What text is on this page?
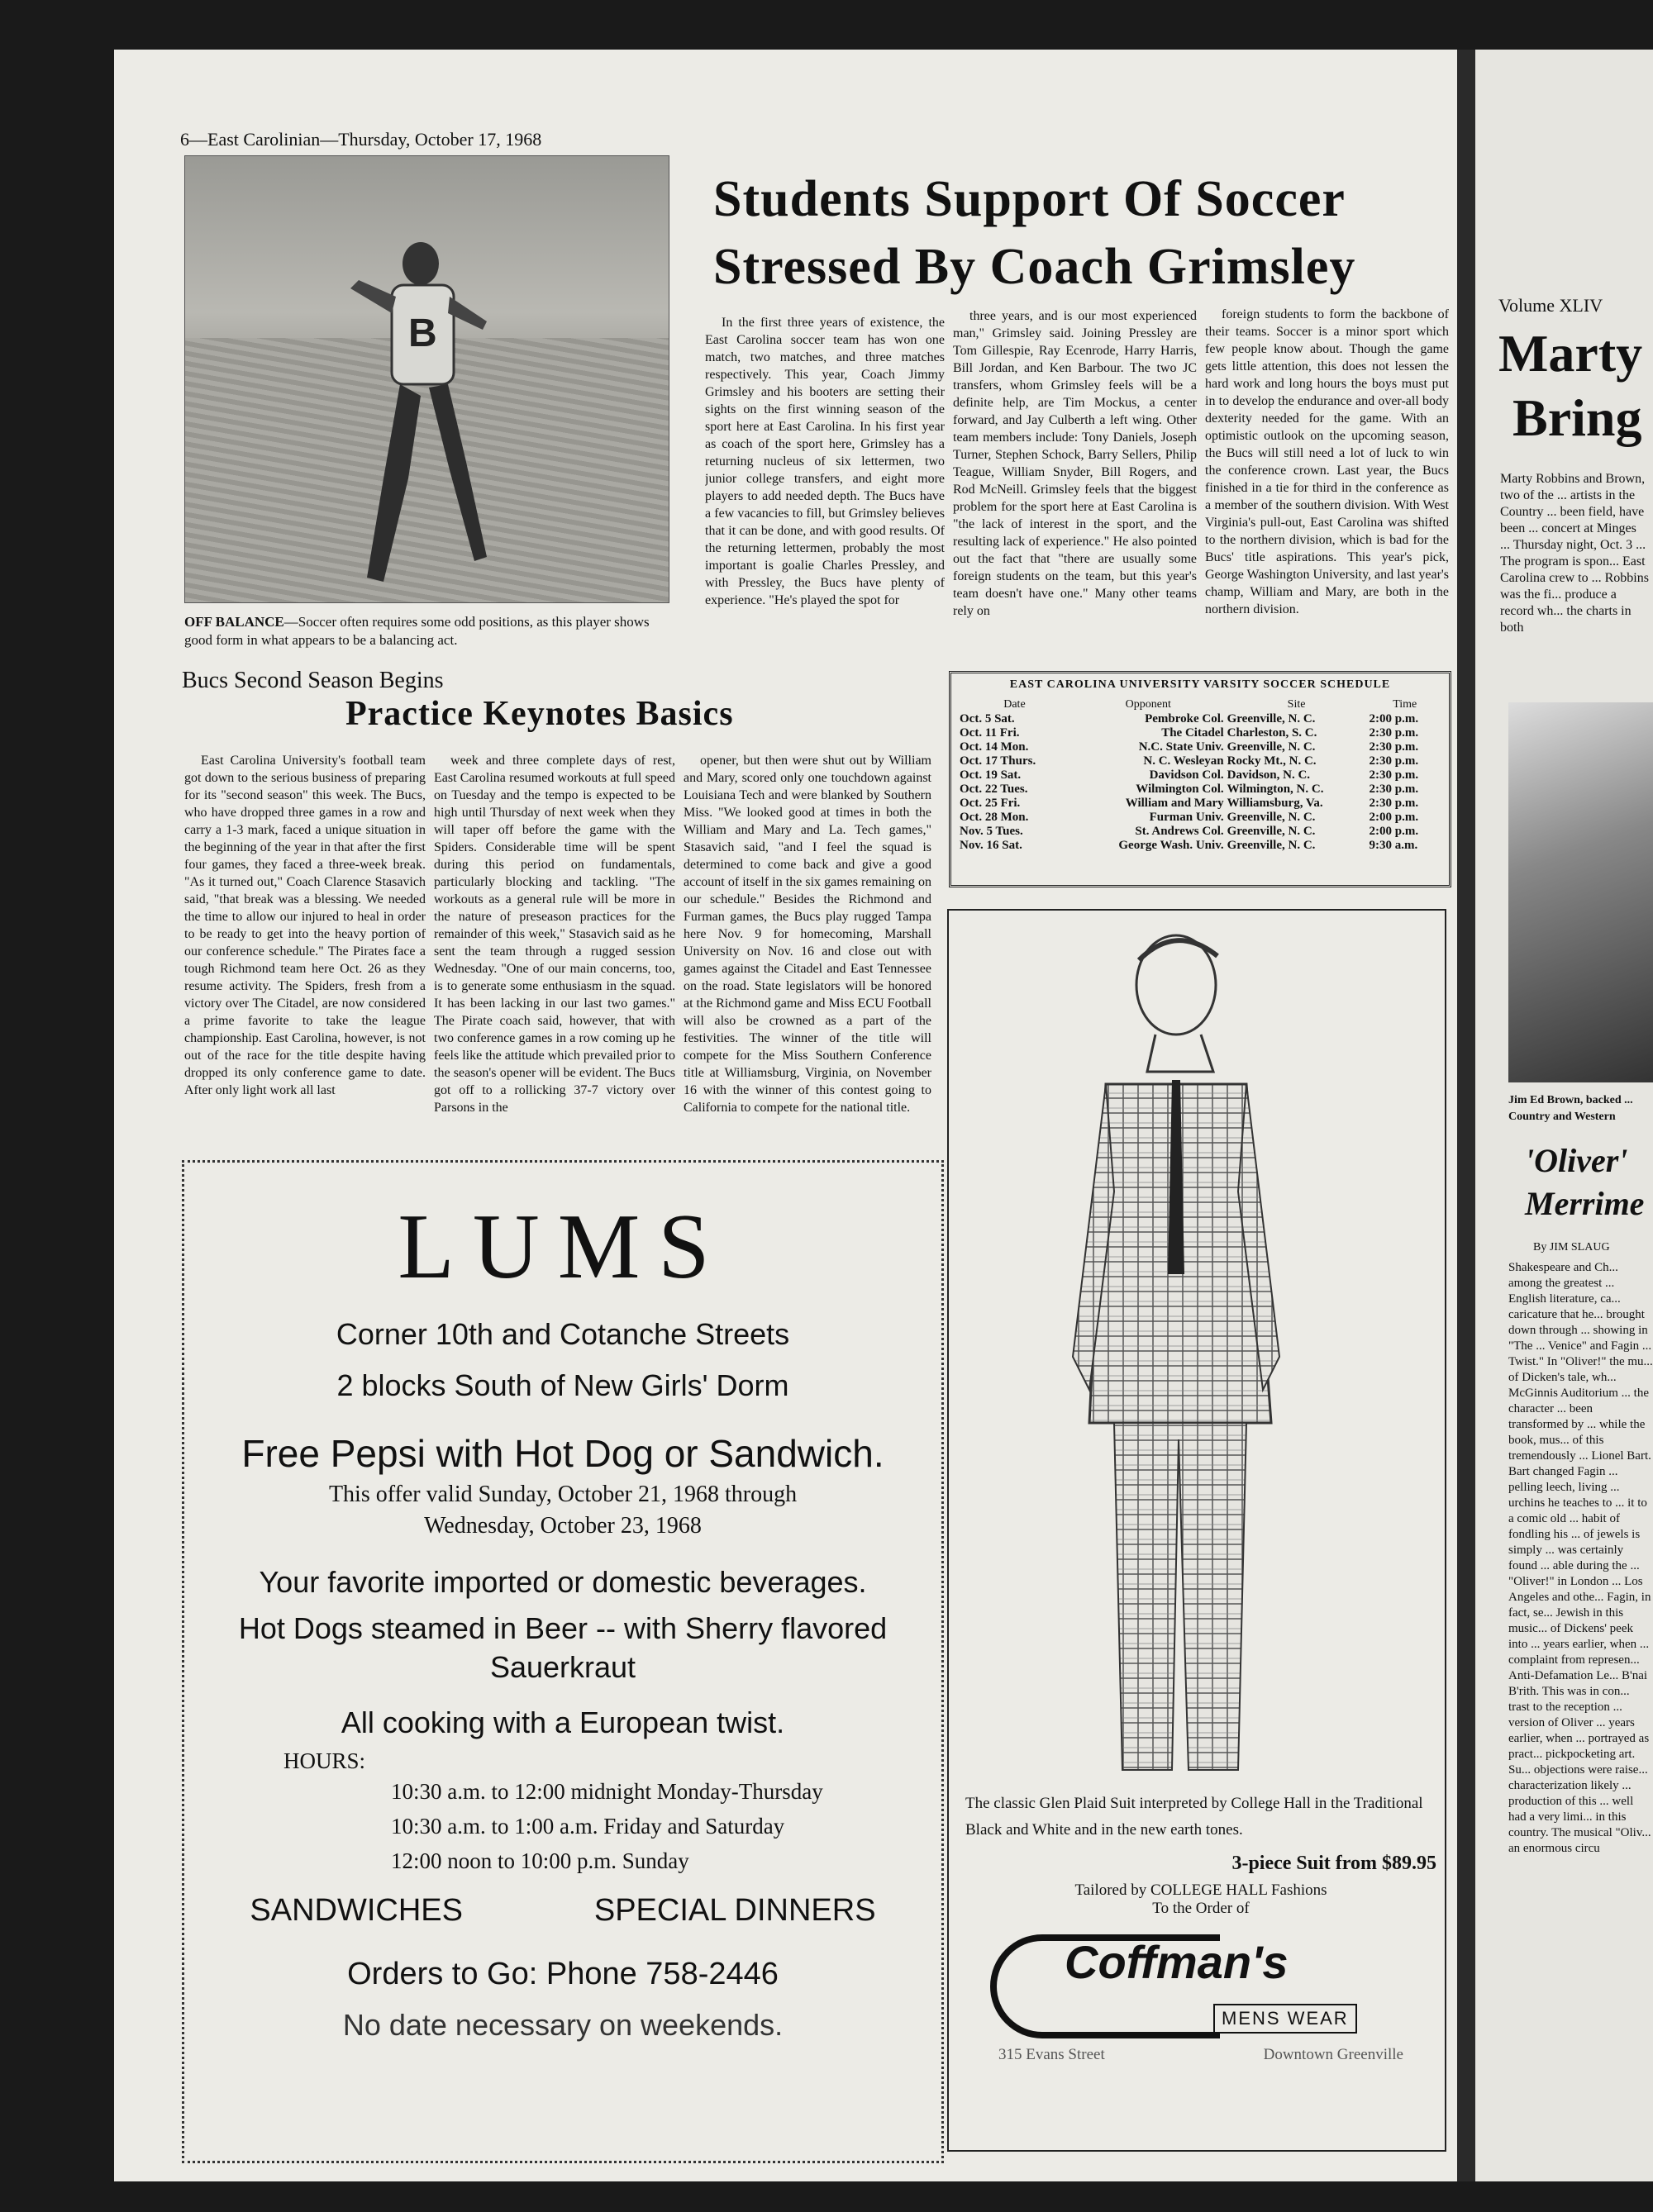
6—East Carolinian—Thursday, October 17, 1968
B
OFF BALANCE—Soccer often requires some odd positions, as this player shows good form in what appears to be a balancing act.
Students Support Of Soccer
Stressed By Coach Grimsley

In the first three years of existence, the East Carolina soccer team has won one match, two matches, and three matches respectively. This year, Coach Jimmy Grimsley and his booters are setting their sights on the first winning season of the sport here at East Carolina. In his first year as coach of the sport here, Grimsley has a returning nucleus of six lettermen, two junior college transfers, and eight more players to add needed depth. The Bucs have a few vacancies to fill, but Grimsley believes that it can be done, and with good results. Of the returning lettermen, probably the most important is goalie Charles Pressley, and with Pressley, the Bucs have plenty of experience. "He's played the spot for

three years, and is our most experienced man," Grimsley said. Joining Pressley are Tom Gillespie, Ray Ecenrode, Harry Harris, Bill Jordan, and Ken Barbour. The two JC transfers, whom Grimsley feels will be a definite help, are Tim Mockus, a center forward, and Jay Culberth a left wing. Other team members include: Tony Daniels, Joseph Turner, Stephen Schock, Barry Sellers, Philip Teague, William Snyder, Bill Rogers, and Rod McNeill. Grimsley feels that the biggest problem for the sport here at East Carolina is "the lack of interest in the sport, and the resulting lack of experience." He also pointed out the fact that "there are usually some foreign students on the team, but this year's team doesn't have one." Many other teams rely on

foreign students to form the backbone of their teams. Soccer is a minor sport which few people know about. Though the game gets little attention, this does not lessen the hard work and long hours the boys must put in to develop the endurance and over-all body dexterity needed for the game. With an optimistic outlook on the upcoming season, the Bucs will still need a lot of luck to win the conference crown. Last year, the Bucs finished in a tie for third in the conference as a member of the southern division. With West Virginia's pull-out, East Carolina was shifted to the northern division, which is bad for the Bucs' title aspirations. This year's pick, George Washington University, and last year's champ, William and Mary, are both in the northern division.

Bucs Second Season Begins
Practice Keynotes Basics

East Carolina University's football team got down to the serious business of preparing for its "second season" this week. The Bucs, who have dropped three games in a row and carry a 1-3 mark, faced a unique situation in the beginning of the year in that after the first four games, they faced a three-week break. "As it turned out," Coach Clarence Stasavich said, "that break was a blessing. We needed the time to allow our injured to heal in order to be ready to get into the heavy portion of our conference schedule." The Pirates face a tough Richmond team here Oct. 26 as they resume activity. The Spiders, fresh from a victory over The Citadel, are now considered a prime favorite to take the league championship. East Carolina, however, is not out of the race for the title despite having dropped its only conference game to date. After only light work all last

week and three complete days of rest, East Carolina resumed workouts at full speed on Tuesday and the tempo is expected to be high until Thursday of next week when they will taper off before the game with the Spiders. Considerable time will be spent during this period on fundamentals, particularly blocking and tackling. "The workouts as a general rule will be more in the nature of preseason practices for the remainder of this week," Stasavich said as he sent the team through a rugged session Wednesday. "One of our main concerns, too, is to generate some enthusiasm in the squad. It has been lacking in our last two games." The Pirate coach said, however, that with two conference games in a row coming up he feels like the attitude which prevailed prior to the season's opener will be evident. The Bucs got off to a rollicking 37-7 victory over Parsons in the

opener, but then were shut out by William and Mary, scored only one touchdown against Louisiana Tech and were blanked by Southern Miss. "We looked good at times in both the William and Mary and La. Tech games," Stasavich said, "and I feel the squad is determined to come back and give a good account of itself in the six games remaining on our schedule." Besides the Richmond and Furman games, the Bucs play rugged Tampa here Nov. 9 for homecoming, Marshall University on Nov. 16 and close out with games against the Citadel and East Tennessee on the road. State legislators will be honored at the Richmond game and Miss ECU Football will also be crowned as a part of the festivities. The winner of the title will compete for the Miss Southern Conference title at Williamsburg, Virginia, on November 16 with the winner of this contest going to California to compete for the national title.

EAST CAROLINA UNIVERSITY VARSITY SOCCER SCHEDULE
Date	Opponent	Site	Time
Oct. 5 Sat.	Pembroke Col.	Greenville, N. C.	2:00 p.m.
Oct. 11 Fri.	The Citadel	Charleston, S. C.	2:30 p.m.
Oct. 14 Mon.	N.C. State Univ.	Greenville, N. C.	2:30 p.m.
Oct. 17 Thurs.	N. C. Wesleyan	Rocky Mt., N. C.	2:30 p.m.
Oct. 19 Sat.	Davidson Col.	Davidson, N. C.	2:30 p.m.
Oct. 22 Tues.	Wilmington Col.	Wilmington, N. C.	2:30 p.m.
Oct. 25 Fri.	William and Mary	Williamsburg, Va.	2:30 p.m.
Oct. 28 Mon.	Furman Univ.	Greenville, N. C.	2:00 p.m.
Nov. 5 Tues.	St. Andrews Col.	Greenville, N. C.	2:00 p.m.
Nov. 16 Sat.	George Wash. Univ.	Greenville, N. C.	9:30 a.m.
LUMS
Corner 10th and Cotanche Streets
2 blocks South of New Girls' Dorm
Free Pepsi with Hot Dog or Sandwich.
This offer valid Sunday, October 21, 1968 through
Wednesday, October 23, 1968
Your favorite imported or domestic beverages.
Hot Dogs steamed in Beer -- with Sherry flavored
Sauerkraut
All cooking with a European twist.
HOURS:
10:30 a.m. to 12:00 midnight Monday-Thursday
10:30 a.m. to 1:00 a.m. Friday and Saturday
12:00 noon to 10:00 p.m. Sunday
SANDWICHES	SPECIAL DINNERS
Orders to Go: Phone 758-2446
No date necessary on weekends.
The classic Glen Plaid Suit interpreted by College Hall in the Traditional Black and White and in the new earth tones.
3-piece Suit from $89.95
Tailored by COLLEGE HALL Fashions
To the Order of
Coffman's
MENS WEAR
315 Evans Street	Downtown Greenville
Volume XLIV
Marty
Bring
Marty Robbins and Brown, two of the ... artists in the Country ... been field, have been ... concert at Minges ... Thursday night, Oct. 3 ... The program is spon... East Carolina crew to ... Robbins was the fi... produce a record wh... the charts in both
Jim Ed Brown, backed ... Country and Western
'Oliver'
Merrime
By JIM SLAUG
Shakespeare and Ch... among the greatest ... English literature, ca... caricature that he... brought down through ... showing in "The ... Venice" and Fagin ... Twist." In "Oliver!" the mu... of Dicken's tale, wh... McGinnis Auditorium ... the character ... been transformed by ... while the book, mus... of this tremendously ... Lionel Bart. Bart changed Fagin ... pelling leech, living ... urchins he teaches to ... it to a comic old ... habit of fondling his ... of jewels is simply ... was certainly found ... able during the ... "Oliver!" in London ... Los Angeles and othe... Fagin, in fact, se... Jewish in this music... of Dickens' peek into ... years earlier, when ... complaint from represen... Anti-Defamation Le... B'nai B'rith. This was in con... trast to the reception ... version of Oliver ... years earlier, when ... portrayed as pract... pickpocketing art. Su... objections were raise... characterization likely ... production of this ... well had a very limi... in this country. The musical "Oliv... an enormous circu
